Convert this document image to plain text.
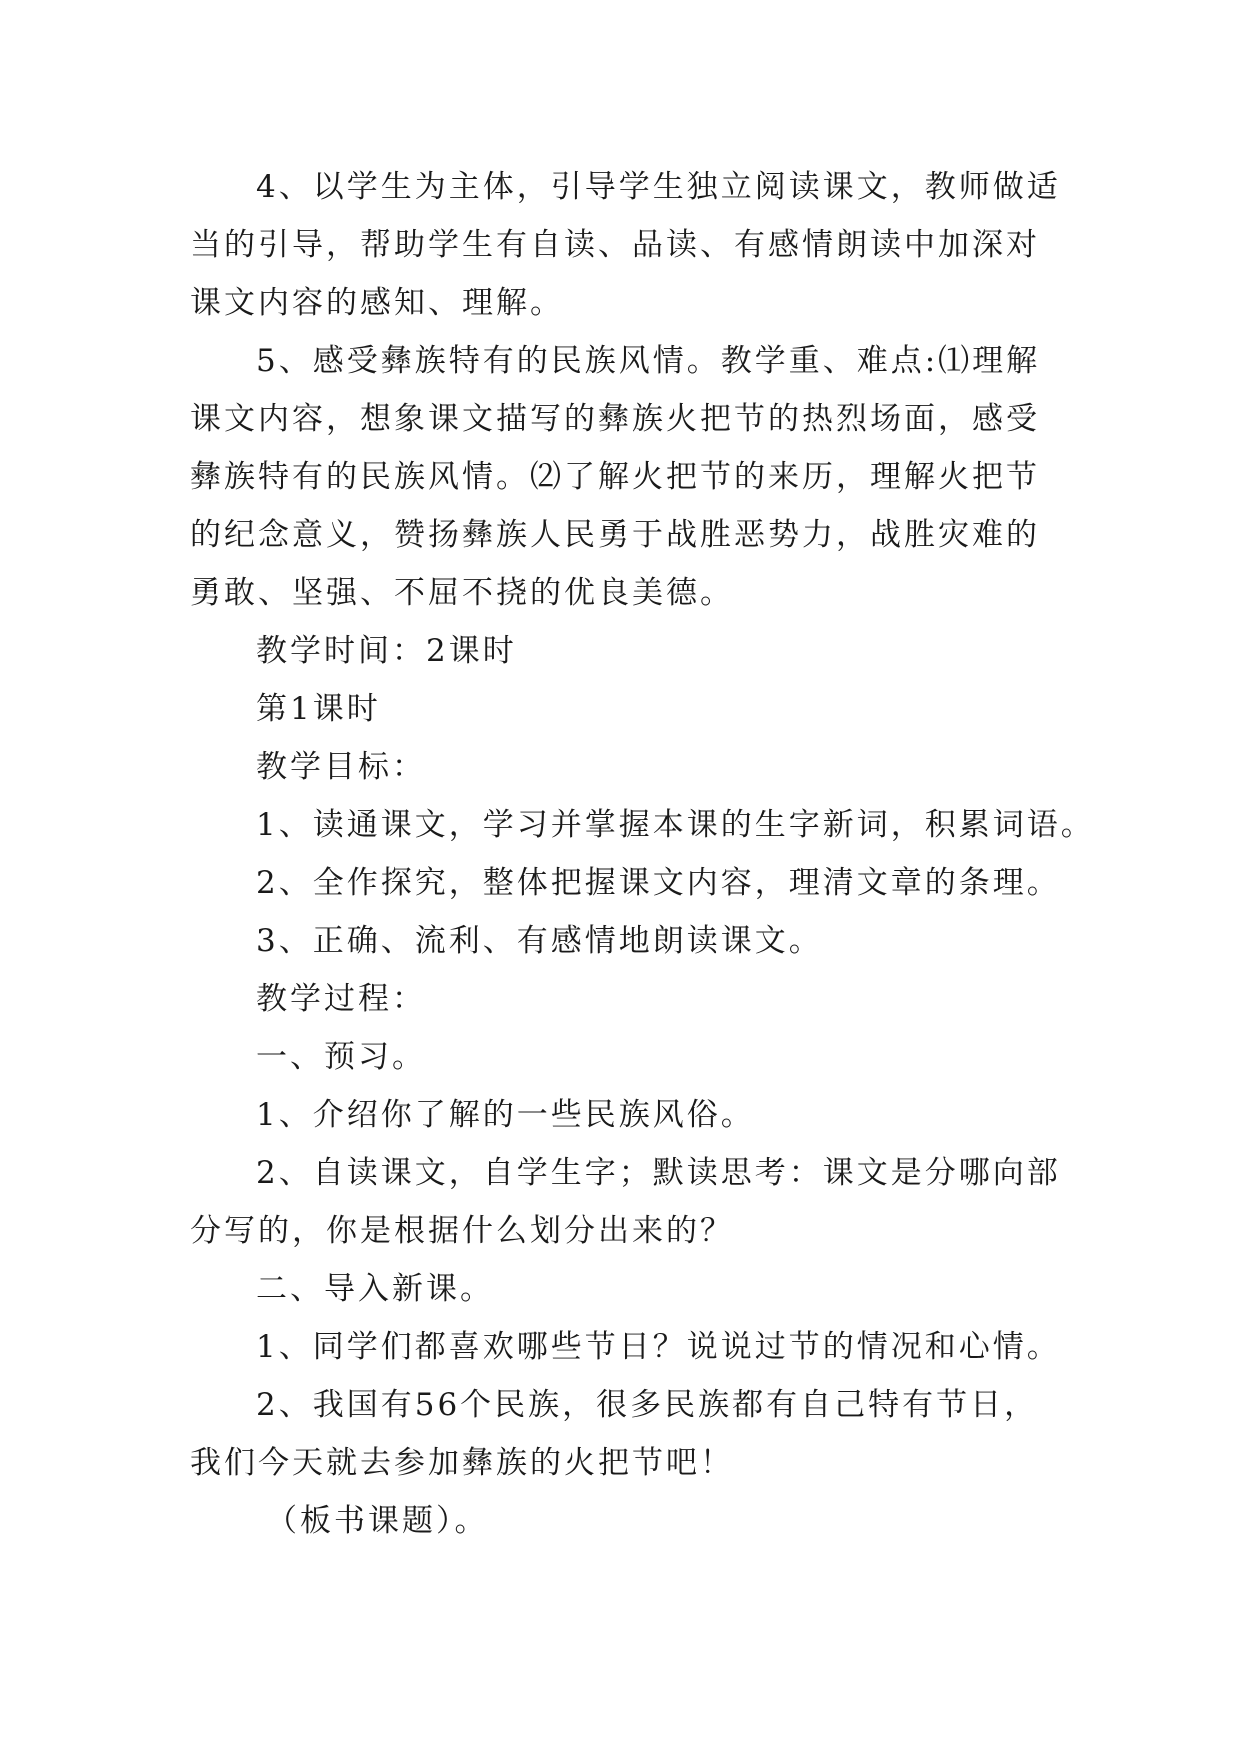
4、以学生为主体，引导学生独立阅读课文，教师做适当的引导，帮助学生有自读、品读、有感情朗读中加深对课文内容的感知、理解。

5、感受彝族特有的民族风情。教学重、难点:⑴理解课文内容，想象课文描写的彝族火把节的热烈场面，感受彝族特有的民族风情。⑵了解火把节的来历，理解火把节的纪念意义，赞扬彝族人民勇于战胜恶势力，战胜灾难的勇敢、坚强、不屈不挠的优良美德。

教学时间：2课时

第1课时

教学目标：

1、读通课文，学习并掌握本课的生字新词，积累词语。

2、全作探究，整体把握课文内容，理清文章的条理。

3、正确、流利、有感情地朗读课文。

教学过程：

一、预习。

1、介绍你了解的一些民族风俗。

2、自读课文，自学生字；默读思考：课文是分哪向部分写的，你是根据什么划分出来的？

二、导入新课。

1、同学们都喜欢哪些节日？说说过节的情况和心情。

2、我国有56个民族，很多民族都有自己特有节日，我们今天就去参加彝族的火把节吧！

（板书课题）。
